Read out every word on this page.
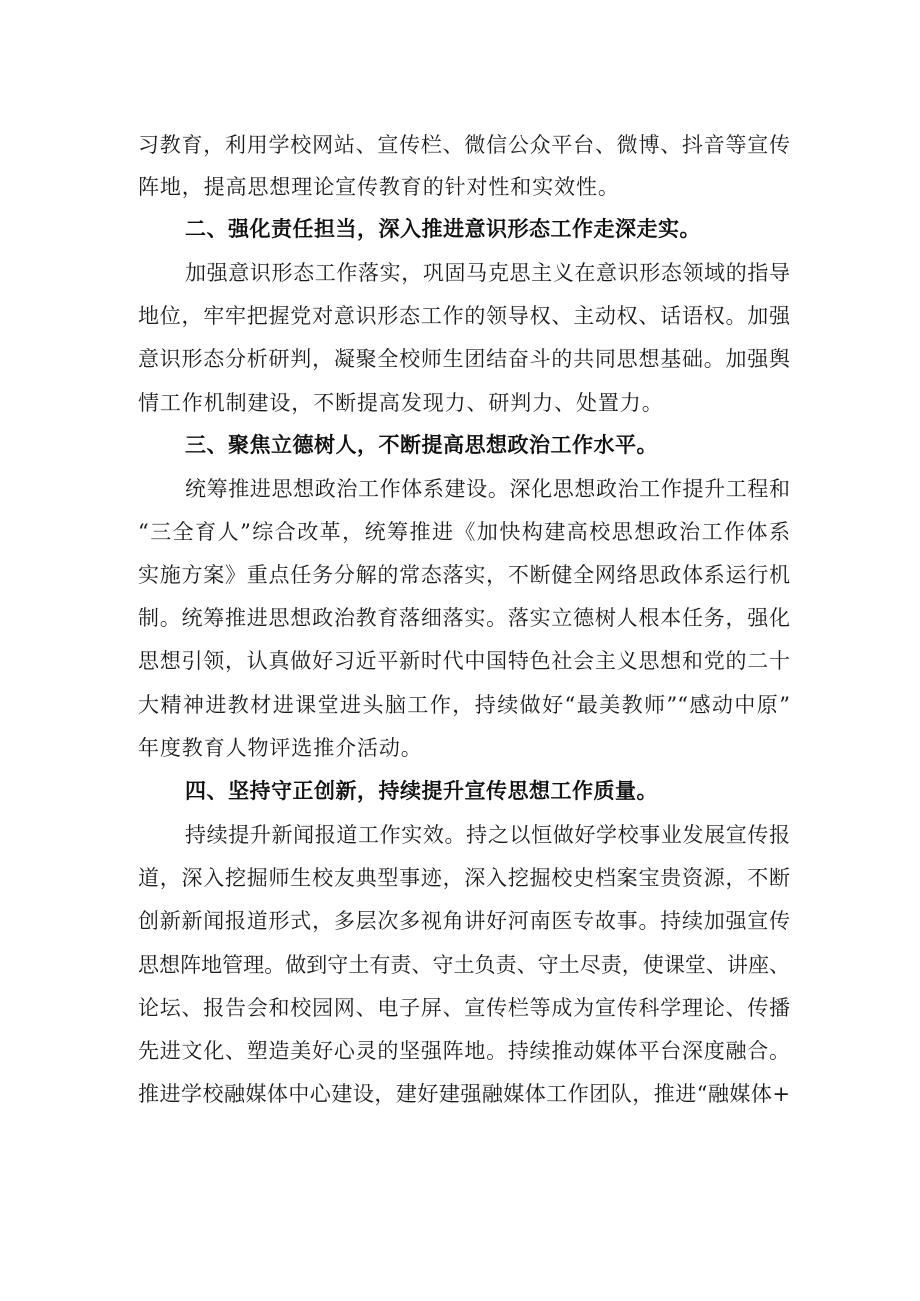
习教育，利用学校网站、宣传栏、微信公众平台、微博、抖音等宣传
阵地，提高思想理论宣传教育的针对性和实效性。
二、强化责任担当，深入推进意识形态工作走深走实。
加强意识形态工作落实，巩固马克思主义在意识形态领域的指导
地位，牢牢把握党对意识形态工作的领导权、主动权、话语权。加强
意识形态分析研判，凝聚全校师生团结奋斗的共同思想基础。加强舆
情工作机制建设，不断提高发现力、研判力、处置力。
三、聚焦立德树人，不断提高思想政治工作水平。
统筹推进思想政治工作体系建设。深化思想政治工作提升工程和
“三全育人”综合改革，统筹推进《加快构建高校思想政治工作体系
实施方案》重点任务分解的常态落实，不断健全网络思政体系运行机
制。统筹推进思想政治教育落细落实。落实立德树人根本任务，强化
思想引领，认真做好习近平新时代中国特色社会主义思想和党的二十
大精神进教材进课堂进头脑工作，持续做好“最美教师”“感动中原”
年度教育人物评选推介活动。
四、坚持守正创新，持续提升宣传思想工作质量。
持续提升新闻报道工作实效。持之以恒做好学校事业发展宣传报
道，深入挖掘师生校友典型事迹，深入挖掘校史档案宝贵资源，不断
创新新闻报道形式，多层次多视角讲好河南医专故事。持续加强宣传
思想阵地管理。做到守土有责、守土负责、守土尽责，使课堂、讲座、
论坛、报告会和校园网、电子屏、宣传栏等成为宣传科学理论、传播
先进文化、塑造美好心灵的坚强阵地。持续推动媒体平台深度融合。
推进学校融媒体中心建设，建好建强融媒体工作团队，推进“融媒体+
